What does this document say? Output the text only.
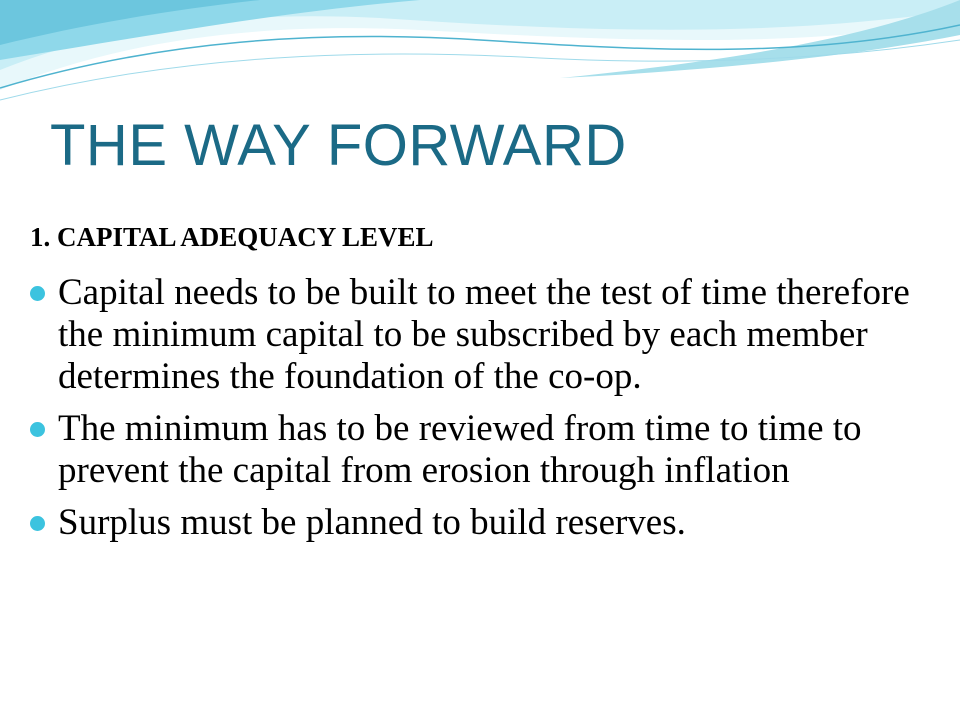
THE WAY FORWARD
1. CAPITAL ADEQUACY LEVEL
Capital needs to be built to meet the test of time therefore the minimum capital to be subscribed by each member determines the foundation of the co-op.
The minimum has to be reviewed from time to time to prevent the capital from erosion through inflation
Surplus must be planned to build reserves.
